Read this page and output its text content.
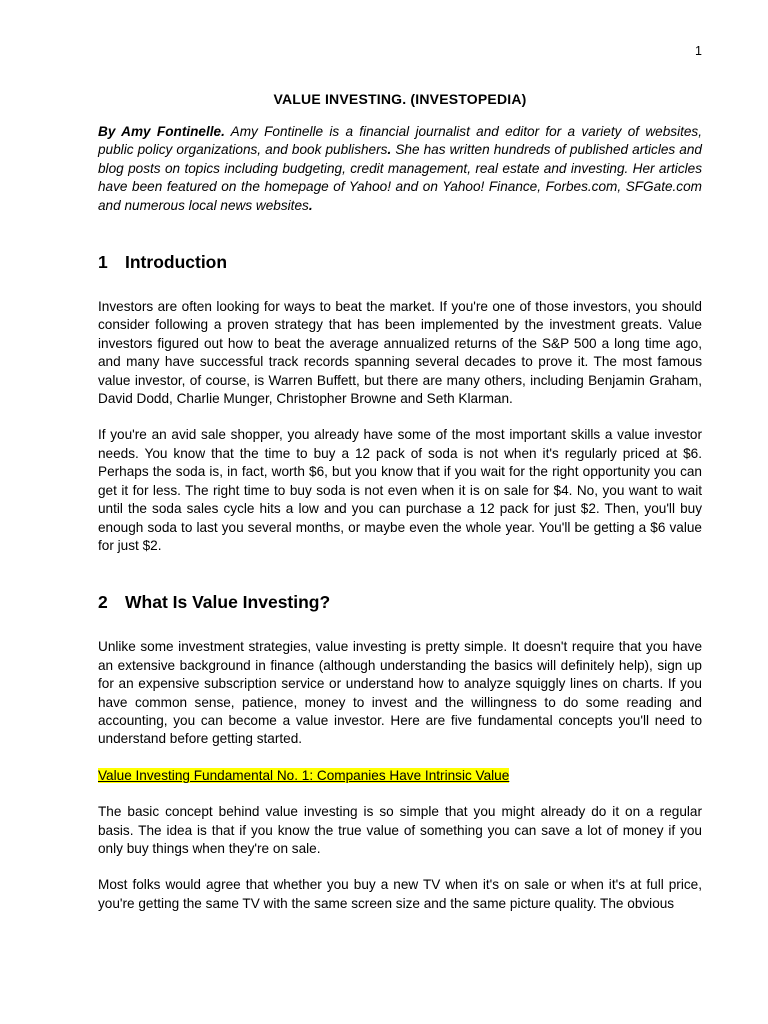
1
VALUE INVESTING. (INVESTOPEDIA)

By Amy Fontinelle. Amy Fontinelle is a financial journalist and editor for a variety of websites, public policy organizations, and book publishers. She has written hundreds of published articles and blog posts on topics including budgeting, credit management, real estate and investing. Her articles have been featured on the homepage of Yahoo! and on Yahoo! Finance, Forbes.com, SFGate.com and numerous local news websites.

1 Introduction

Investors are often looking for ways to beat the market. If you're one of those investors, you should consider following a proven strategy that has been implemented by the investment greats. Value investors figured out how to beat the average annualized returns of the S&P 500 a long time ago, and many have successful track records spanning several decades to prove it. The most famous value investor, of course, is Warren Buffett, but there are many others, including Benjamin Graham, David Dodd, Charlie Munger, Christopher Browne and Seth Klarman.

If you're an avid sale shopper, you already have some of the most important skills a value investor needs. You know that the time to buy a 12 pack of soda is not when it's regularly priced at $6. Perhaps the soda is, in fact, worth $6, but you know that if you wait for the right opportunity you can get it for less. The right time to buy soda is not even when it is on sale for $4. No, you want to wait until the soda sales cycle hits a low and you can purchase a 12 pack for just $2. Then, you'll buy enough soda to last you several months, or maybe even the whole year. You'll be getting a $6 value for just $2.

2 What Is Value Investing?

Unlike some investment strategies, value investing is pretty simple. It doesn't require that you have an extensive background in finance (although understanding the basics will definitely help), sign up for an expensive subscription service or understand how to analyze squiggly lines on charts. If you have common sense, patience, money to invest and the willingness to do some reading and accounting, you can become a value investor. Here are five fundamental concepts you'll need to understand before getting started.

Value Investing Fundamental No. 1: Companies Have Intrinsic Value

The basic concept behind value investing is so simple that you might already do it on a regular basis. The idea is that if you know the true value of something you can save a lot of money if you only buy things when they're on sale.

Most folks would agree that whether you buy a new TV when it's on sale or when it's at full price, you're getting the same TV with the same screen size and the same picture quality. The obvious
